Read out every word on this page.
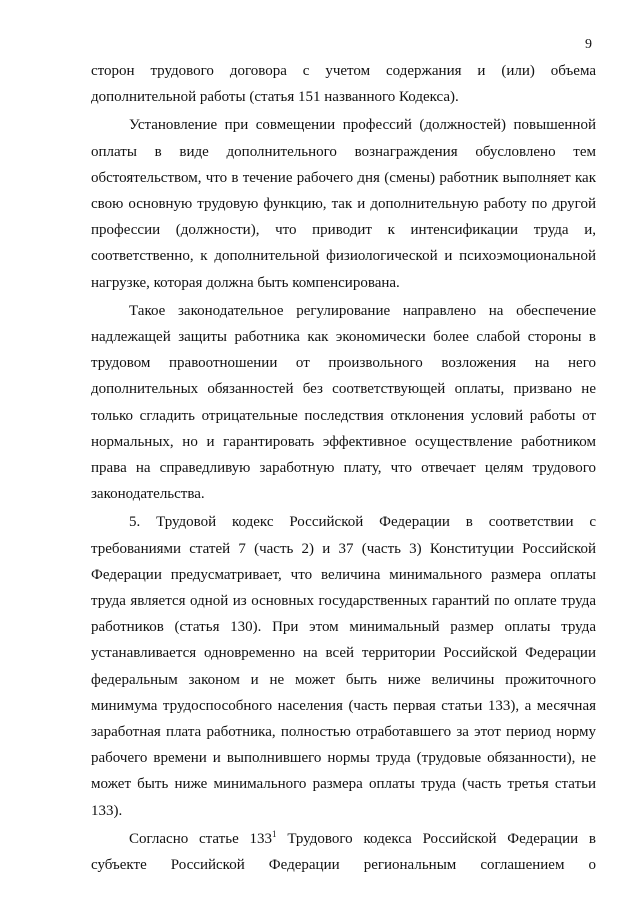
9

сторон трудового договора с учетом содержания и (или) объема дополнительной работы (статья 151 названного Кодекса).

Установление при совмещении профессий (должностей) повышенной оплаты в виде дополнительного вознаграждения обусловлено тем обстоятельством, что в течение рабочего дня (смены) работник выполняет как свою основную трудовую функцию, так и дополнительную работу по другой профессии (должности), что приводит к интенсификации труда и, соответственно, к дополнительной физиологической и психоэмоциональной нагрузке, которая должна быть компенсирована.

Такое законодательное регулирование направлено на обеспечение надлежащей защиты работника как экономически более слабой стороны в трудовом правоотношении от произвольного возложения на него дополнительных обязанностей без соответствующей оплаты, призвано не только сгладить отрицательные последствия отклонения условий работы от нормальных, но и гарантировать эффективное осуществление работником права на справедливую заработную плату, что отвечает целям трудового законодательства.

5. Трудовой кодекс Российской Федерации в соответствии с требованиями статей 7 (часть 2) и 37 (часть 3) Конституции Российской Федерации предусматривает, что величина минимального размера оплаты труда является одной из основных государственных гарантий по оплате труда работников (статья 130). При этом минимальный размер оплаты труда устанавливается одновременно на всей территории Российской Федерации федеральным законом и не может быть ниже величины прожиточного минимума трудоспособного населения (часть первая статьи 133), а месячная заработная плата работника, полностью отработавшего за этот период норму рабочего времени и выполнившего нормы труда (трудовые обязанности), не может быть ниже минимального размера оплаты труда (часть третья статьи 133).

Согласно статье $133^1$ Трудового кодекса Российской Федерации в субъекте Российской Федерации региональным соглашением о
